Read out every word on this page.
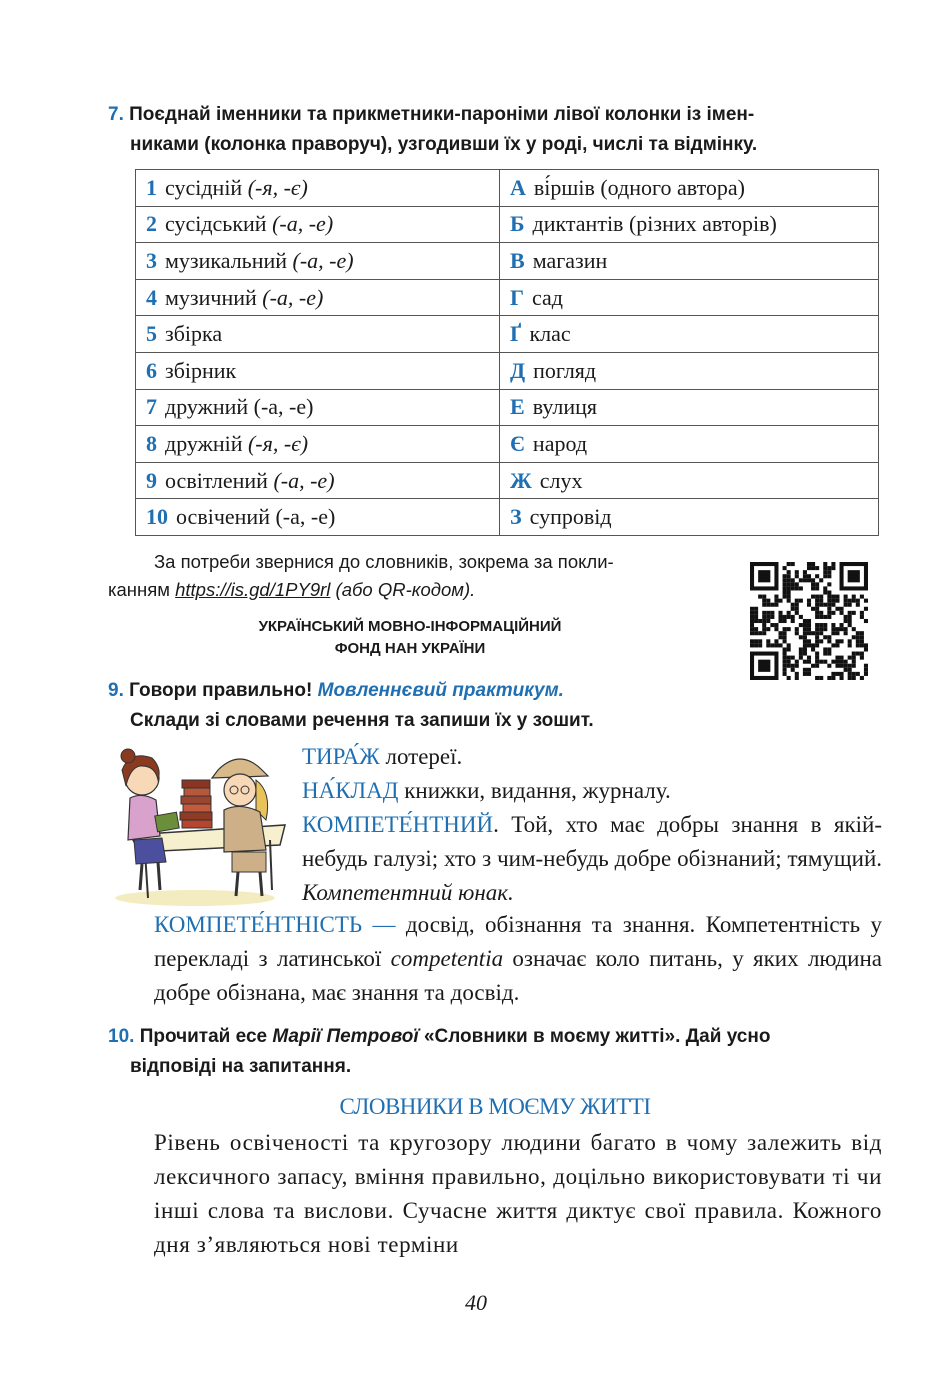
7. Поєднай іменники та прикметники-пароніми лівої колонки із імен-
никами (колонка праворуч), узгодивши їх у роді, числі та відмінку.
1 сусідній (-я, -є)	А ві́ршів (одного автора)
2 сусідський (-а, -е)	Б диктантів (різних авторів)
3 музикальний (-а, -е)	В магазин
4 музичний (-а, -е)	Г сад
5 збірка	Ґ клас
6 збірник	Д погляд
7 дружний (-а, -е)	Е вулиця
8 дружній (-я, -є)	Є народ
9 освітлений (-а, -е)	Ж слух
10 освічений (-а, -е)	З супровід
За потреби звернися до словників, зокрема за покли-
канням https://is.gd/1PY9rl (або QR-кодом).
УКРАЇНСЬКИЙ МОВНО-ІНФОРМАЦІЙНИЙ
ФОНД НАН УКРАЇНИ
9. Говори правильно! Мовленнєвий практикум.
Склади зі словами речення та запиши їх у зошит.
ТИРА́Ж лотереї.
НА́КЛАД книжки, видання, журналу.
КОМПЕТЕ́НТНИЙ. Той, хто має добры знання в якій-небудь галузі; хто з чим-небудь добре обізнаний; тямущий. Компетентний юнак.
КОМПЕТЕ́НТНІСТЬ — досвід, обізнання та знання. Компетентність у перекладі з латинської competentia означає коло питань, у яких людина добре обізнана, має знання та досвід.
10. Прочитай есе Марії Петрової «Словники в моєму житті». Дай усно
відповіді на запитання.
СЛОВНИКИ В МОЄМУ ЖИТТІ
Рівень освіченості та кругозору людини багато в чому залежить від лексичного запасу, вміння правильно, доцільно використовувати ті чи інші слова та вислови. Сучасне життя диктує свої правила. Кожного дня з’являються нові терміни
40
